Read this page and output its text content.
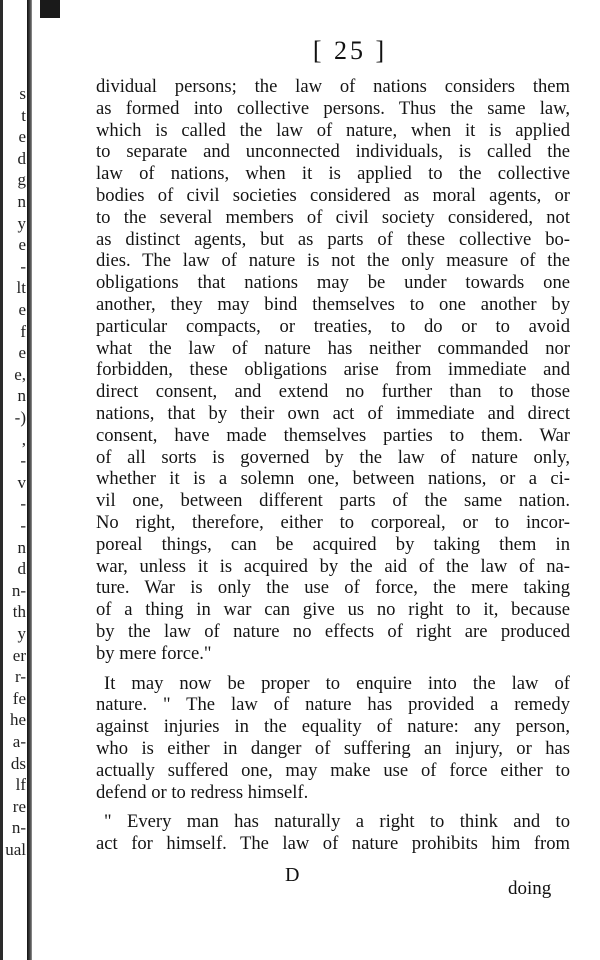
s
t
e
d
g
n
y
e
-
lt
e
f
e
e,
n
-)
,
-
v
-
-
n
d
n-
th
y
er
r-
fe
he
a-
ds
lf
re
n-
ual
[ 25 ]
dividual persons; the law of nations considers them
as formed into collective persons. Thus the same law,
which is called the law of nature, when it is applied
to separate and unconnected individuals, is called the
law of nations, when it is applied to the collective
bodies of civil societies considered as moral agents, or
to the several members of civil society considered, not
as distinct agents, but as parts of these collective bo-
dies. The law of nature is not the only measure of the
obligations that nations may be under towards one
another, they may bind themselves to one another by
particular compacts, or treaties, to do or to avoid
what the law of nature has neither commanded nor
forbidden, these obligations arise from immediate and
direct consent, and extend no further than to those
nations, that by their own act of immediate and direct
consent, have made themselves parties to them. War
of all sorts is governed by the law of nature only,
whether it is a solemn one, between nations, or a ci-
vil one, between different parts of the same nation.
No right, therefore, either to corporeal, or to incor-
poreal things, can be acquired by taking them in
war, unless it is acquired by the aid of the law of na-
ture. War is only the use of force, the mere taking
of a thing in war can give us no right to it, because
by the law of nature no effects of right are produced
by mere force."
It may now be proper to enquire into the law of
nature. " The law of nature has provided a remedy
against injuries in the equality of nature: any person,
who is either in danger of suffering an injury, or has
actually suffered one, may make use of force either to
defend or to redress himself.
" Every man has naturally a right to think and to
act for himself. The law of nature prohibits him from
D
doing
